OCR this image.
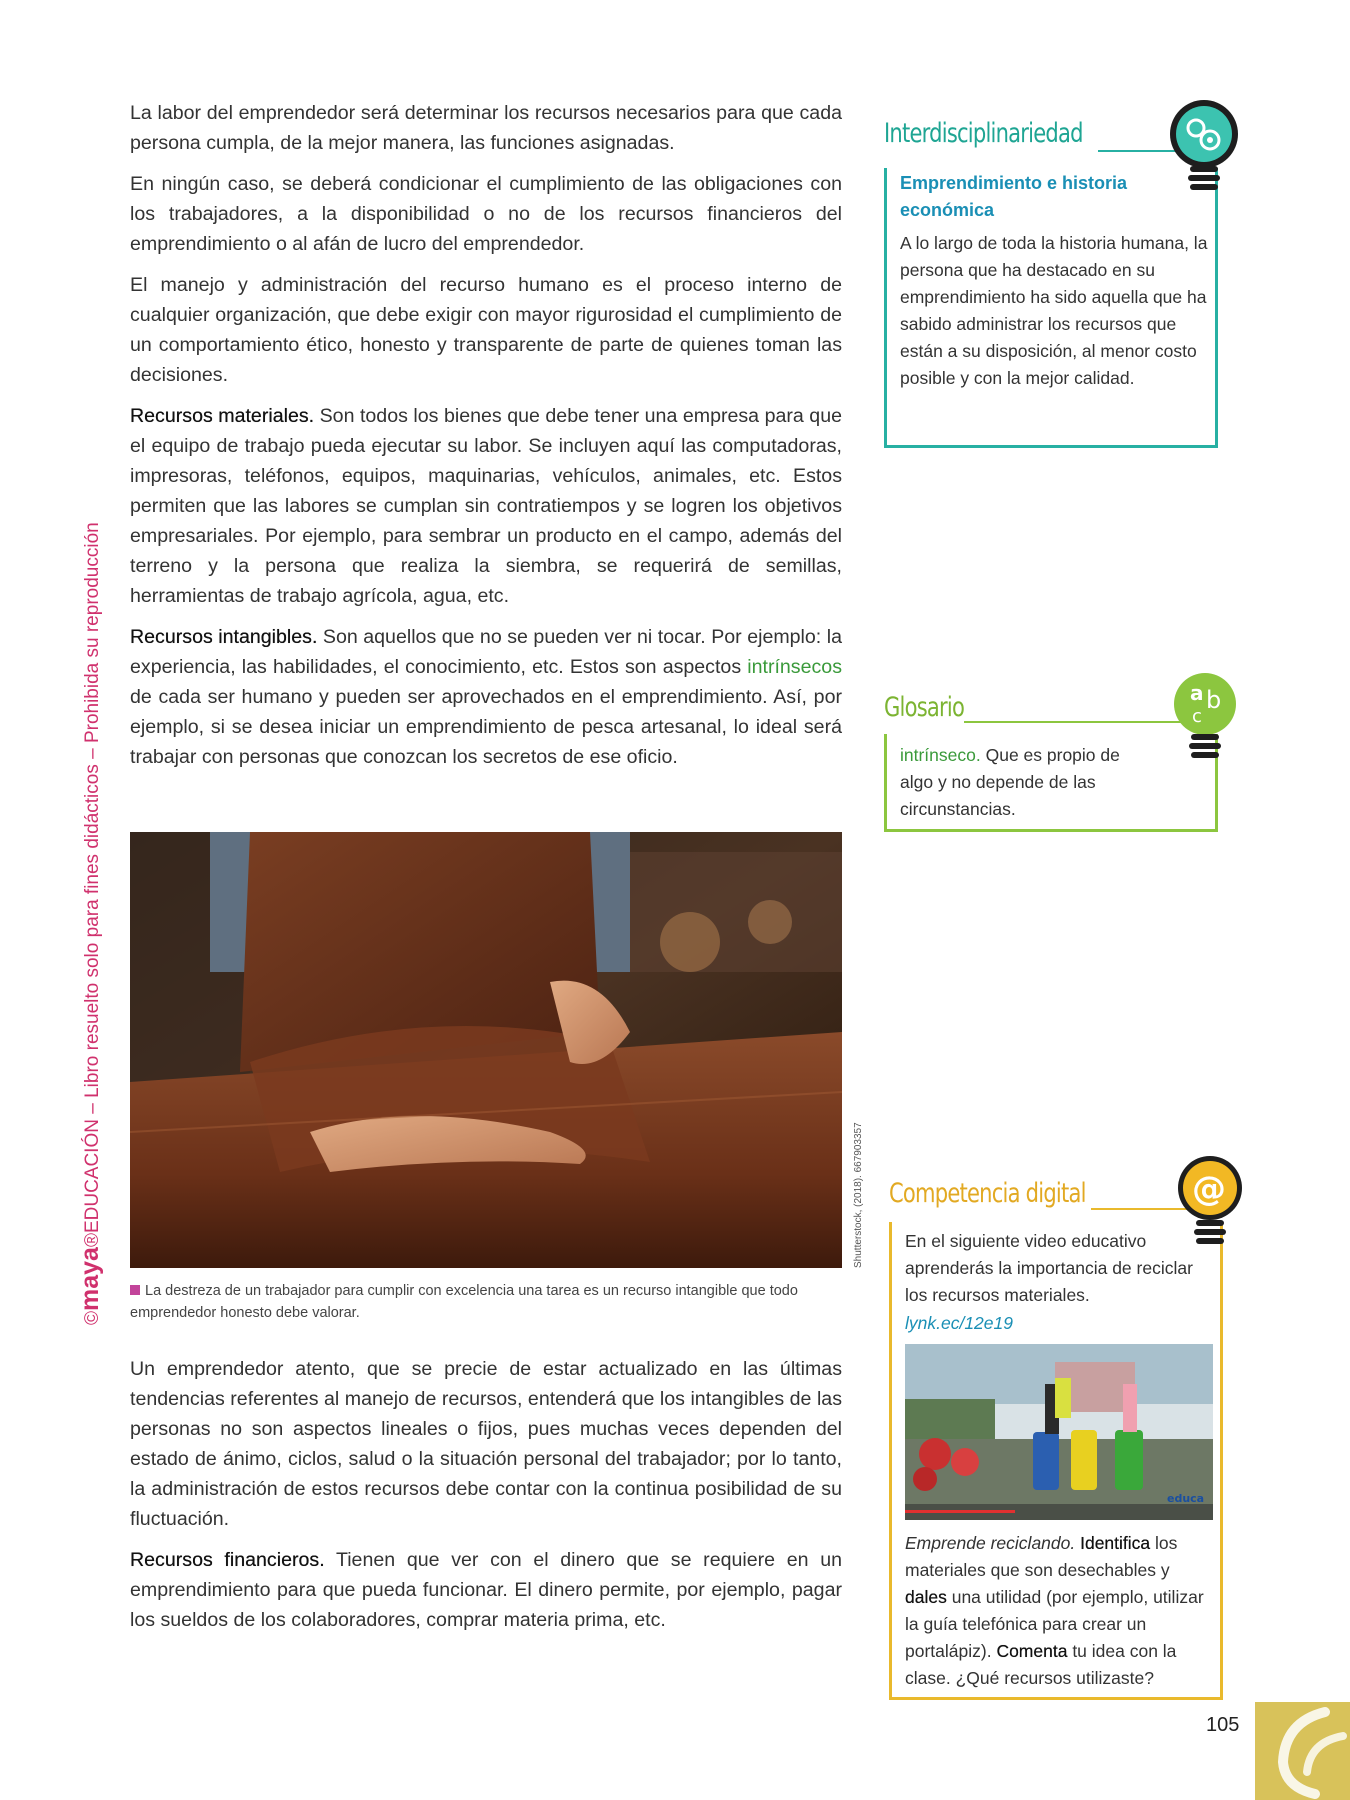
©maya®EDUCACIÓN – Libro resuelto solo para fines didácticos – Prohibida su reproducción

La labor del emprendedor será determinar los recursos necesarios para que cada persona cumpla, de la mejor manera, las funciones asignadas.

En ningún caso, se deberá condicionar el cumplimiento de las obligaciones con los trabajadores, a la disponibilidad o no de los recursos financieros del emprendimiento o al afán de lucro del emprendedor.

El manejo y administración del recurso humano es el proceso interno de cualquier organización, que debe exigir con mayor rigurosidad el cumplimiento de un comportamiento ético, honesto y transparente de parte de quienes toman las decisiones.

Recursos materiales. Son todos los bienes que debe tener una empresa para que el equipo de trabajo pueda ejecutar su labor. Se incluyen aquí las computadoras, impresoras, teléfonos, equipos, maquinarias, vehículos, animales, etc. Estos permiten que las labores se cumplan sin contratiempos y se logren los objetivos empresariales. Por ejemplo, para sembrar un producto en el campo, además del terreno y la persona que realiza la siembra, se requerirá de semillas, herramientas de trabajo agrícola, agua, etc.

Recursos intangibles. Son aquellos que no se pueden ver ni tocar. Por ejemplo: la experiencia, las habilidades, el conocimiento, etc. Estos son aspectos intrínsecos de cada ser humano y pueden ser aprovechados en el emprendimiento. Así, por ejemplo, si se desea iniciar un emprendimiento de pesca artesanal, lo ideal será trabajar con personas que conozcan los secretos de ese oficio.

Shutterstock, (2018). 667903357
La destreza de un trabajador para cumplir con excelencia una tarea es un recurso intangible que todo emprendedor honesto debe valorar.

Un emprendedor atento, que se precie de estar actualizado en las últimas tendencias referentes al manejo de recursos, entenderá que los intangibles de las personas no son aspectos lineales o fijos, pues muchas veces dependen del estado de ánimo, ciclos, salud o la situación personal del trabajador; por lo tanto, la administración de estos recursos debe contar con la continua posibilidad de su fluctuación.

Recursos financieros. Tienen que ver con el dinero que se requiere en un emprendimiento para que pueda funcionar. El dinero permite, por ejemplo, pagar los sueldos de los colaboradores, comprar materia prima, etc.

Interdisciplinariedad
Emprendimiento e historia económica
A lo largo de toda la historia humana, la persona que ha destacado en su emprendimiento ha sido aquella que ha sabido administrar los recursos que están a su disposición, al menor costo posible y con la mejor calidad.
Glosario
intrínseco. Que es propio de algo y no depende de las circunstancias.
a b
c
Competencia digital
En el siguiente video educativo aprenderás la importancia de reciclar los recursos materiales.
lynk.ec/12e19
educa
Emprende reciclando. Identifica los materiales que son desechables y dales una utilidad (por ejemplo, utilizar la guía telefónica para crear un portalápiz). Comenta tu idea con la clase. ¿Qué recursos utilizaste?
@
105
